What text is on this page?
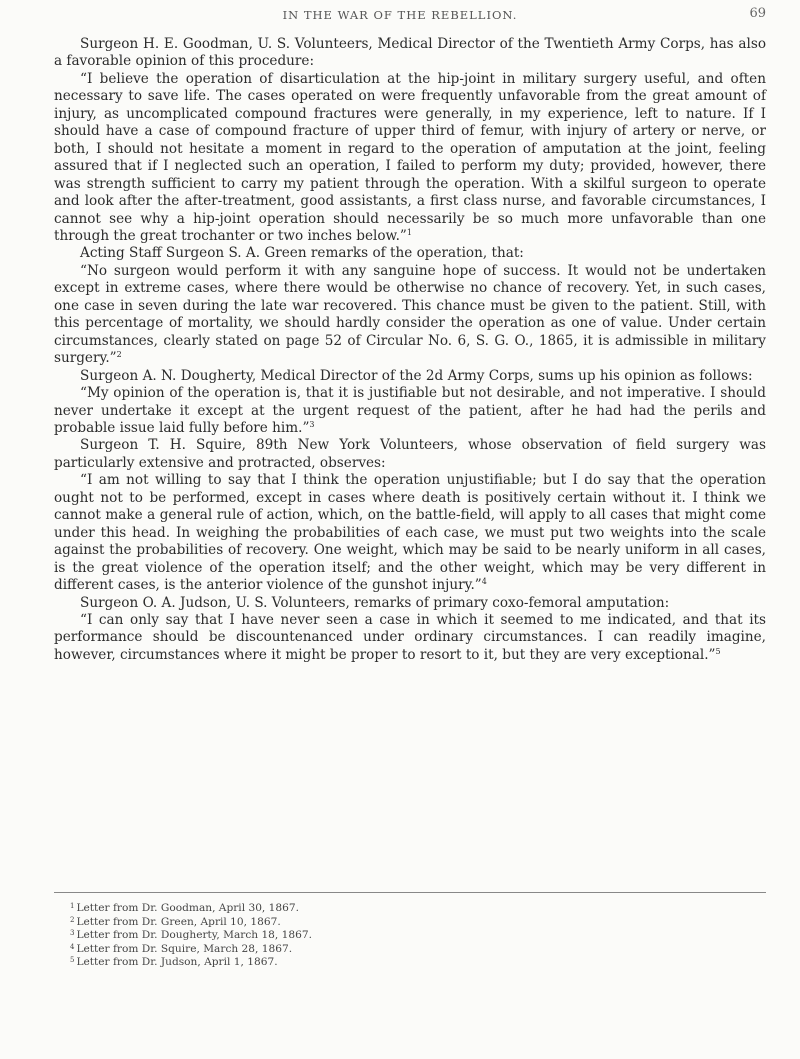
IN THE WAR OF THE REBELLION.	69

Surgeon H. E. Goodman, U. S. Volunteers, Medical Director of the Twentieth Army Corps, has also a favorable opinion of this procedure:

“I believe the operation of disarticulation at the hip-joint in military surgery useful, and often necessary to save life. The cases operated on were frequently unfavorable from the great amount of injury, as uncomplicated compound fractures were generally, in my experience, left to nature. If I should have a case of compound fracture of upper third of femur, with injury of artery or nerve, or both, I should not hesitate a moment in regard to the operation of amputation at the joint, feeling assured that if I neglected such an operation, I failed to perform my duty; provided, however, there was strength sufficient to carry my patient through the operation. With a skilful surgeon to operate and look after the after-treatment, good assistants, a first class nurse, and favorable circumstances, I cannot see why a hip-joint operation should necessarily be so much more unfavorable than one through the great trochanter or two inches below.”$^1$

Acting Staff Surgeon S. A. Green remarks of the operation, that:

“No surgeon would perform it with any sanguine hope of success. It would not be undertaken except in extreme cases, where there would be otherwise no chance of recovery. Yet, in such cases, one case in seven during the late war recovered. This chance must be given to the patient. Still, with this percentage of mortality, we should hardly consider the operation as one of value. Under certain circumstances, clearly stated on page 52 of Circular No. 6, S. G. O., 1865, it is admissible in military surgery.”$^2$

Surgeon A. N. Dougherty, Medical Director of the 2d Army Corps, sums up his opinion as follows:

“My opinion of the operation is, that it is justifiable but not desirable, and not imperative. I should never undertake it except at the urgent request of the patient, after he had had the perils and probable issue laid fully before him.”$^3$

Surgeon T. H. Squire, 89th New York Volunteers, whose observation of field surgery was particularly extensive and protracted, observes:

“I am not willing to say that I think the operation unjustifiable; but I do say that the operation ought not to be performed, except in cases where death is positively certain without it. I think we cannot make a general rule of action, which, on the battle-field, will apply to all cases that might come under this head. In weighing the probabilities of each case, we must put two weights into the scale against the probabilities of recovery. One weight, which may be said to be nearly uniform in all cases, is the great violence of the operation itself; and the other weight, which may be very different in different cases, is the anterior violence of the gunshot injury.”$^4$

Surgeon O. A. Judson, U. S. Volunteers, remarks of primary coxo-femoral amputation:

“I can only say that I have never seen a case in which it seemed to me indicated, and that its performance should be discountenanced under ordinary circumstances. I can readily imagine, however, circumstances where it might be proper to resort to it, but they are very exceptional.”$^5$

$^1$ Letter from Dr. Goodman, April 30, 1867.
$^2$ Letter from Dr. Green, April 10, 1867.
$^3$ Letter from Dr. Dougherty, March 18, 1867.
$^4$ Letter from Dr. Squire, March 28, 1867.
$^5$ Letter from Dr. Judson, April 1, 1867.
